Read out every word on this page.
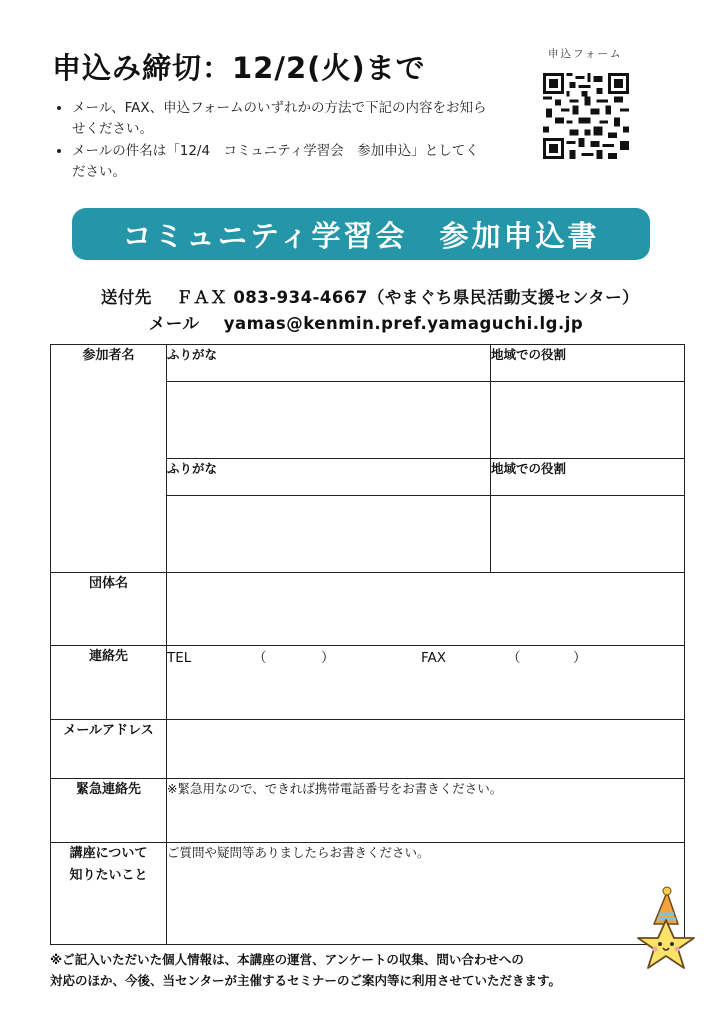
申込み締切：12/2(火)まで
• メール、FAX、申込フォームのいずれかの方法で下記の内容をお知らせください。
• メールの件名は「12/4　コミュニティ学習会　参加申込」としてください。
申込フォーム
コミュニティ学習会　参加申込書
送付先 ＦＡＸ 083-934-4667（やまぐち県民活動支援センター）
メール yamas@kenmin.pref.yamaguchi.lg.jp
参加者名	ふりがな	地域での役割

	ふりがな	地域での役割

団体名		
連絡先	TEL （ ） FAX （ ）	
メールアドレス		
緊急連絡先	※緊急用なので、できれば携帯電話番号をお書きください。	

講座について
知りたいこと	ご質問や疑問等ありましたらお書きください。	
※ご記入いただいた個人情報は、本講座の運営、アンケートの収集、問い合わせへの
対応のほか、今後、当センターが主催するセミナーのご案内等に利用させていただきます。
